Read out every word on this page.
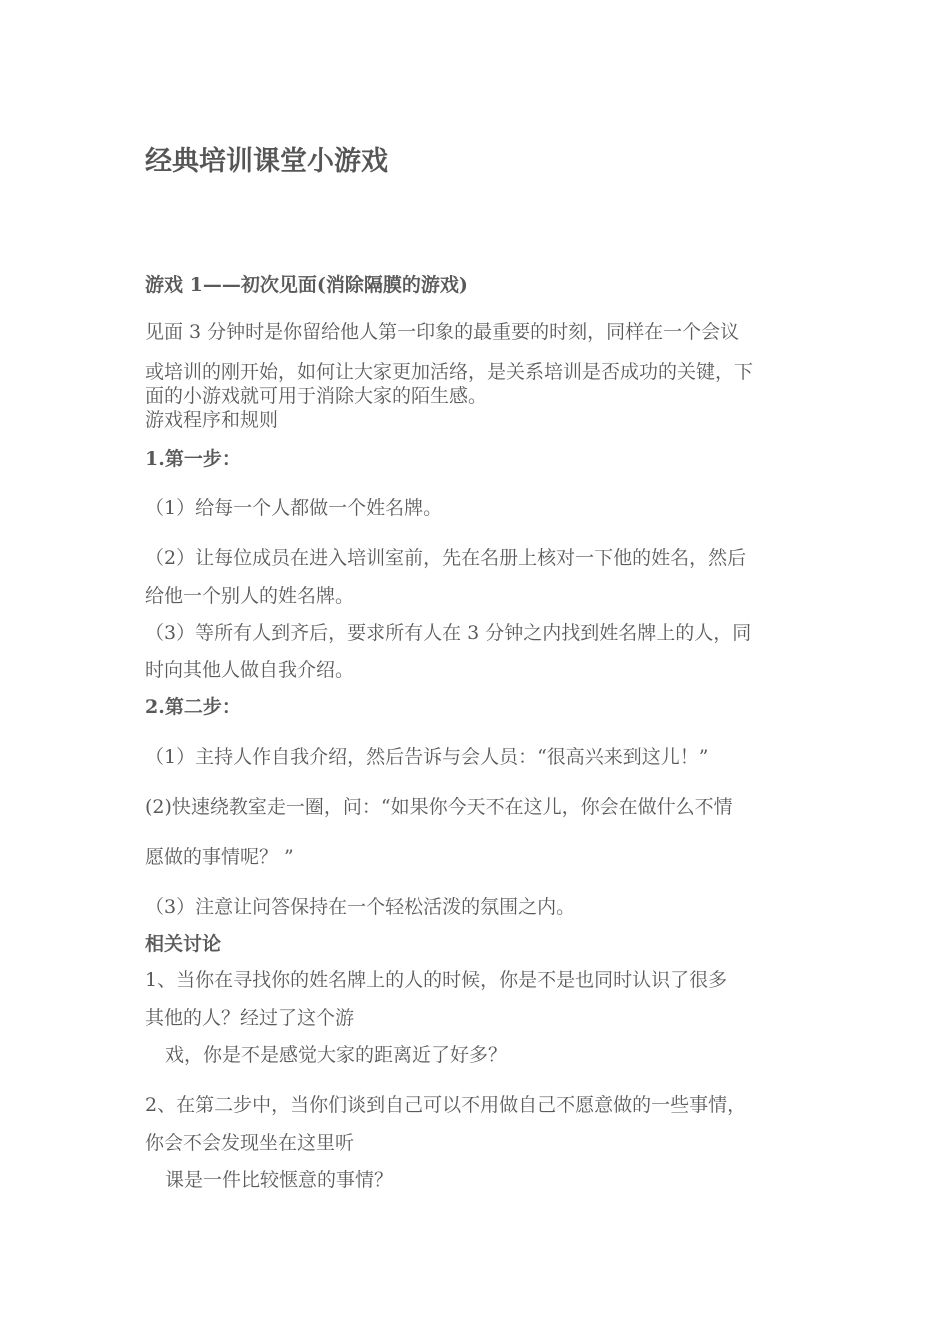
经典培训课堂小游戏
游戏 1——初次见面(消除隔膜的游戏)
见面 3 分钟时是你留给他人第一印象的最重要的时刻，同样在一个会议
或培训的刚开始，如何让大家更加活络，是关系培训是否成功的关键，下
面的小游戏就可用于消除大家的陌生感。
游戏程序和规则
1.第一步：
（1）给每一个人都做一个姓名牌。
（2）让每位成员在进入培训室前，先在名册上核对一下他的姓名，然后
给他一个别人的姓名牌。
（3）等所有人到齐后，要求所有人在 3 分钟之内找到姓名牌上的人，同
时向其他人做自我介绍。
2.第二步：
（1）主持人作自我介绍，然后告诉与会人员：“很高兴来到这儿！”
(2)快速绕教室走一圈，问：“如果你今天不在这儿，你会在做什么不情
愿做的事情呢？ ”
（3）注意让问答保持在一个轻松活泼的氛围之内。
相关讨论
1、当你在寻找你的姓名牌上的人的时候，你是不是也同时认识了很多
其他的人？经过了这个游
戏，你是不是感觉大家的距离近了好多？
2、在第二步中，当你们谈到自己可以不用做自己不愿意做的一些事情，
你会不会发现坐在这里听
课是一件比较惬意的事情？
